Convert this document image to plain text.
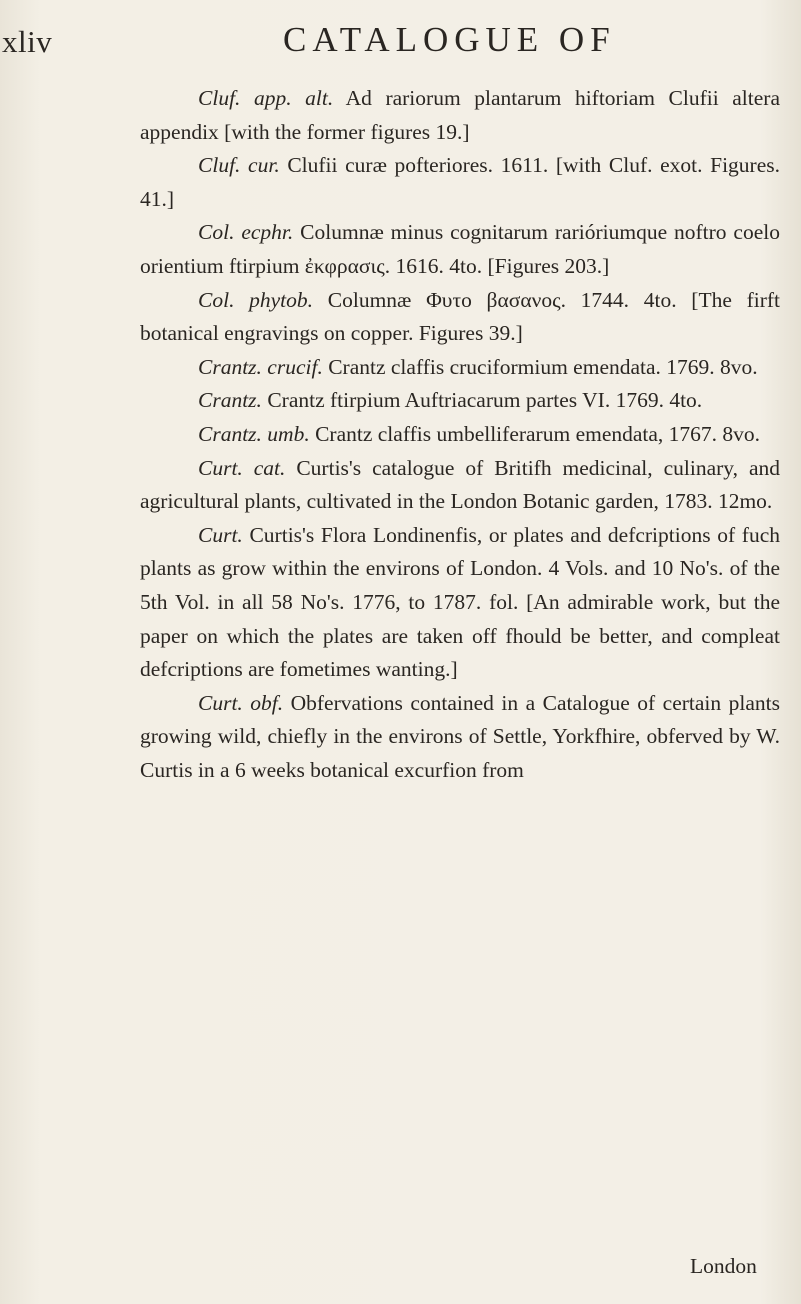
xliv	CATALOGUE OF

Cluf. app. alt. Ad rariorum plantarum hiftoriam Clufii altera appendix [with the former figures 19.]

Cluf. cur. Clufii curæ pofteriores. 1611. [with Cluf. exot. Figures. 41.]

Col. ecphr. Columnæ minus cognitarum rarióriumque noftro coelo orientium ftirpium ἐκφρασις. 1616. 4to. [Figures 203.]

Col. phytob. Columnæ Φυτο βασανος. 1744. 4to. [The firft botanical engravings on copper. Figures 39.]

Crantz. crucif. Crantz claffis cruciformium emendata. 1769. 8vo.

Crantz. Crantz ftirpium Auftriacarum partes VI. 1769. 4to.

Crantz. umb. Crantz claffis umbelliferarum emendata, 1767. 8vo.

Curt. cat. Curtis's catalogue of Britifh medicinal, culinary, and agricultural plants, cultivated in the London Botanic garden, 1783. 12mo.

Curt. Curtis's Flora Londinenfis, or plates and defcriptions of fuch plants as grow within the environs of London. 4 Vols. and 10 No's. of the 5th Vol. in all 58 No's. 1776, to 1787. fol. [An admirable work, but the paper on which the plates are taken off fhould be better, and compleat defcriptions are fometimes wanting.]

Curt. obf. Obfervations contained in a Catalogue of certain plants growing wild, chiefly in the environs of Settle, Yorkfhire, obferved by W. Curtis in a 6 weeks botanical excurfion from

London
